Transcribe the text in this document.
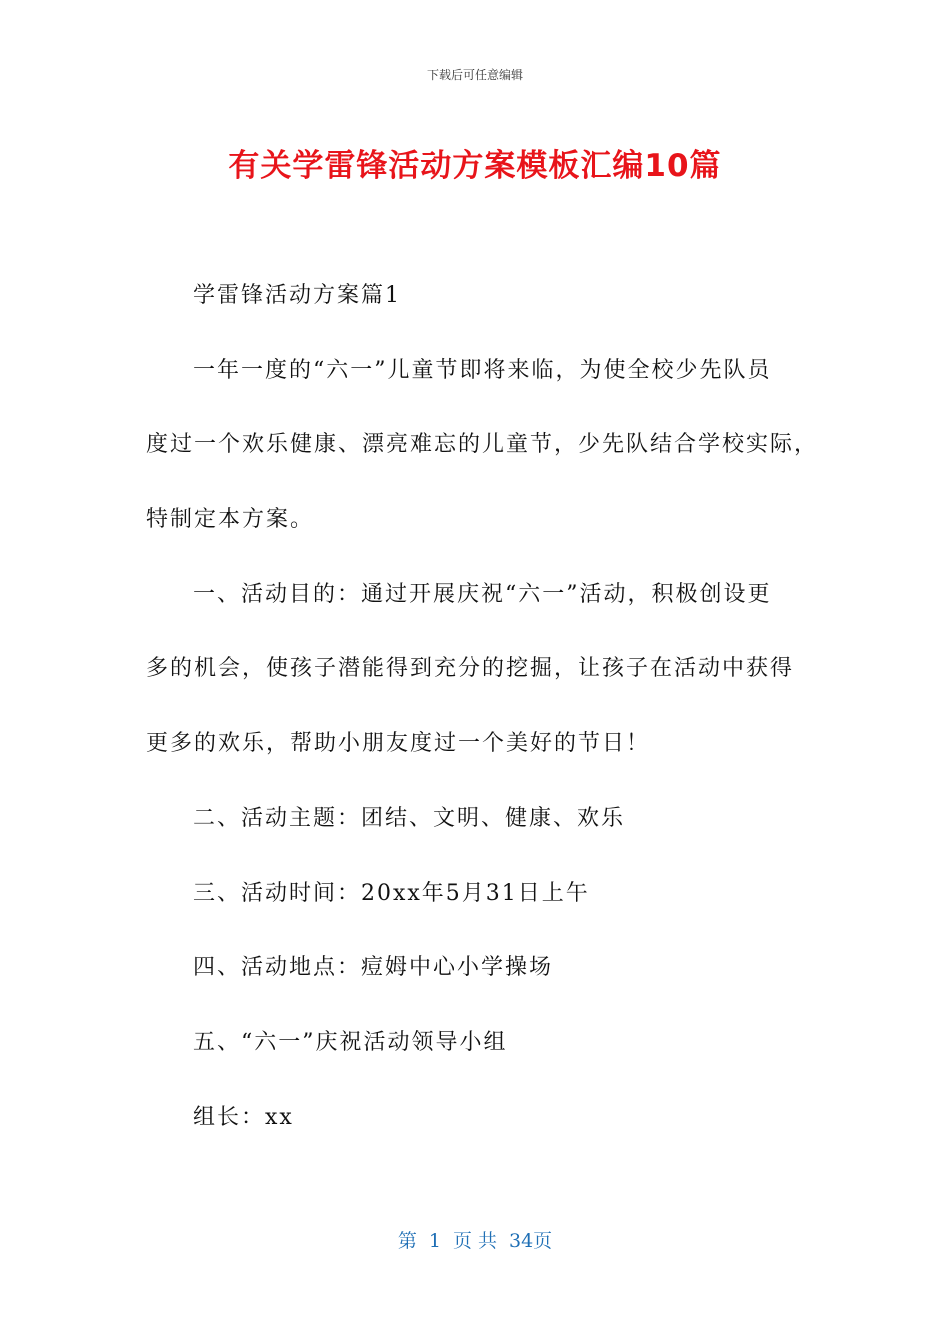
下载后可任意编辑
有关学雷锋活动方案模板汇编10篇
学雷锋活动方案篇1
一年一度的“六一”儿童节即将来临，为使全校少先队员
度过一个欢乐健康、漂亮难忘的儿童节，少先队结合学校实际，
特制定本方案。
一、活动目的：通过开展庆祝“六一”活动，积极创设更
多的机会，使孩子潜能得到充分的挖掘，让孩子在活动中获得
更多的欢乐，帮助小朋友度过一个美好的节日！
二、活动主题：团结、文明、健康、欢乐
三、活动时间：20xx年5月31日上午
四、活动地点：痘姆中心小学操场
五、“六一”庆祝活动领导小组
组长：xx
第 1 页 共 34页
